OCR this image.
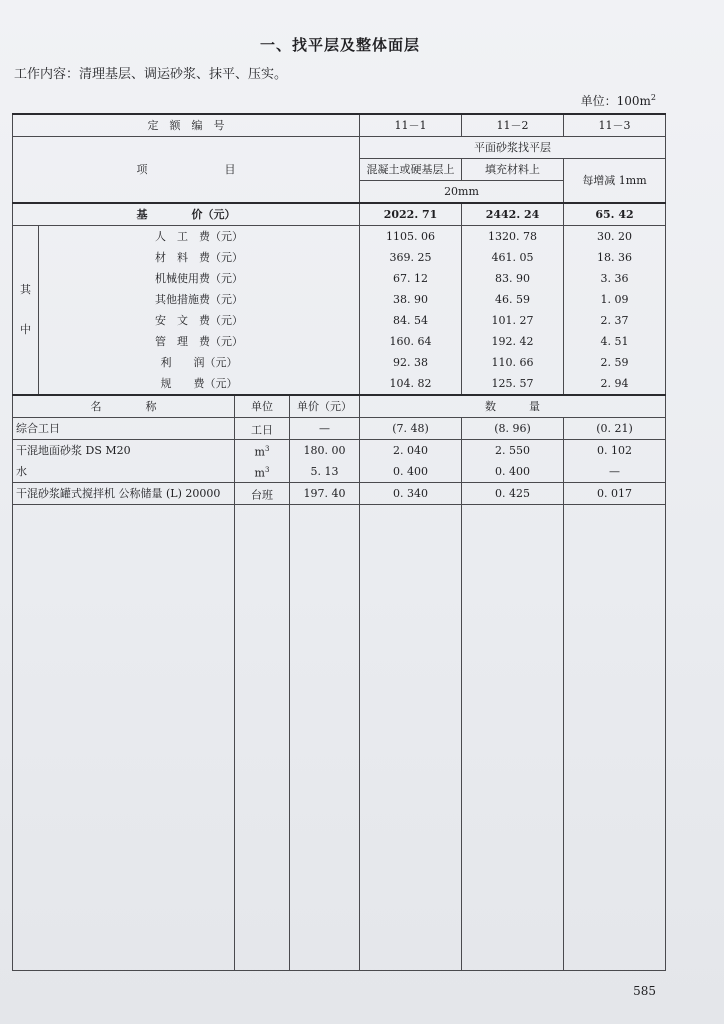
一、找平层及整体面层
工作内容：清理基层、调运砂浆、抹平、压实。
单位：$100m^2$
定　额　编　号				11－1	11－2	11－3
项　　　　　　　目				平面砂浆找平层		
				混凝土或硬基层上	填充材料上	每增减 1mm
				20mm		
基　　　　价（元）				2022. 71	2442. 24	65. 42

其
中	人　工　费（元）			1105. 06	1320. 78	30. 20
	材　料　费（元）			369. 25	461. 05	18. 36
	机械使用费（元）			67. 12	83. 90	3. 36
	其他措施费（元）			38. 90	46. 59	1. 09
	安　文　费（元）			84. 54	101. 27	2. 37
	管　理　费（元）			160. 64	192. 42	4. 51
	利　　润（元）			92. 38	110. 66	2. 59
	规　　费（元）			104. 82	125. 57	2. 94
名　　　　称		单位	单价（元）	数　　　量		
综合工日		工日	—	(7. 48)	(8. 96)	(0. 21)
干混地面砂浆 DS M20		$m^3$	180. 00	2. 040	2. 550	0. 102
水		$m^3$	5. 13	0. 400	0. 400	—
干混砂浆罐式搅拌机 公称储量 (L) 20000		台班	197. 40	0. 340	0. 425	0. 017

585
